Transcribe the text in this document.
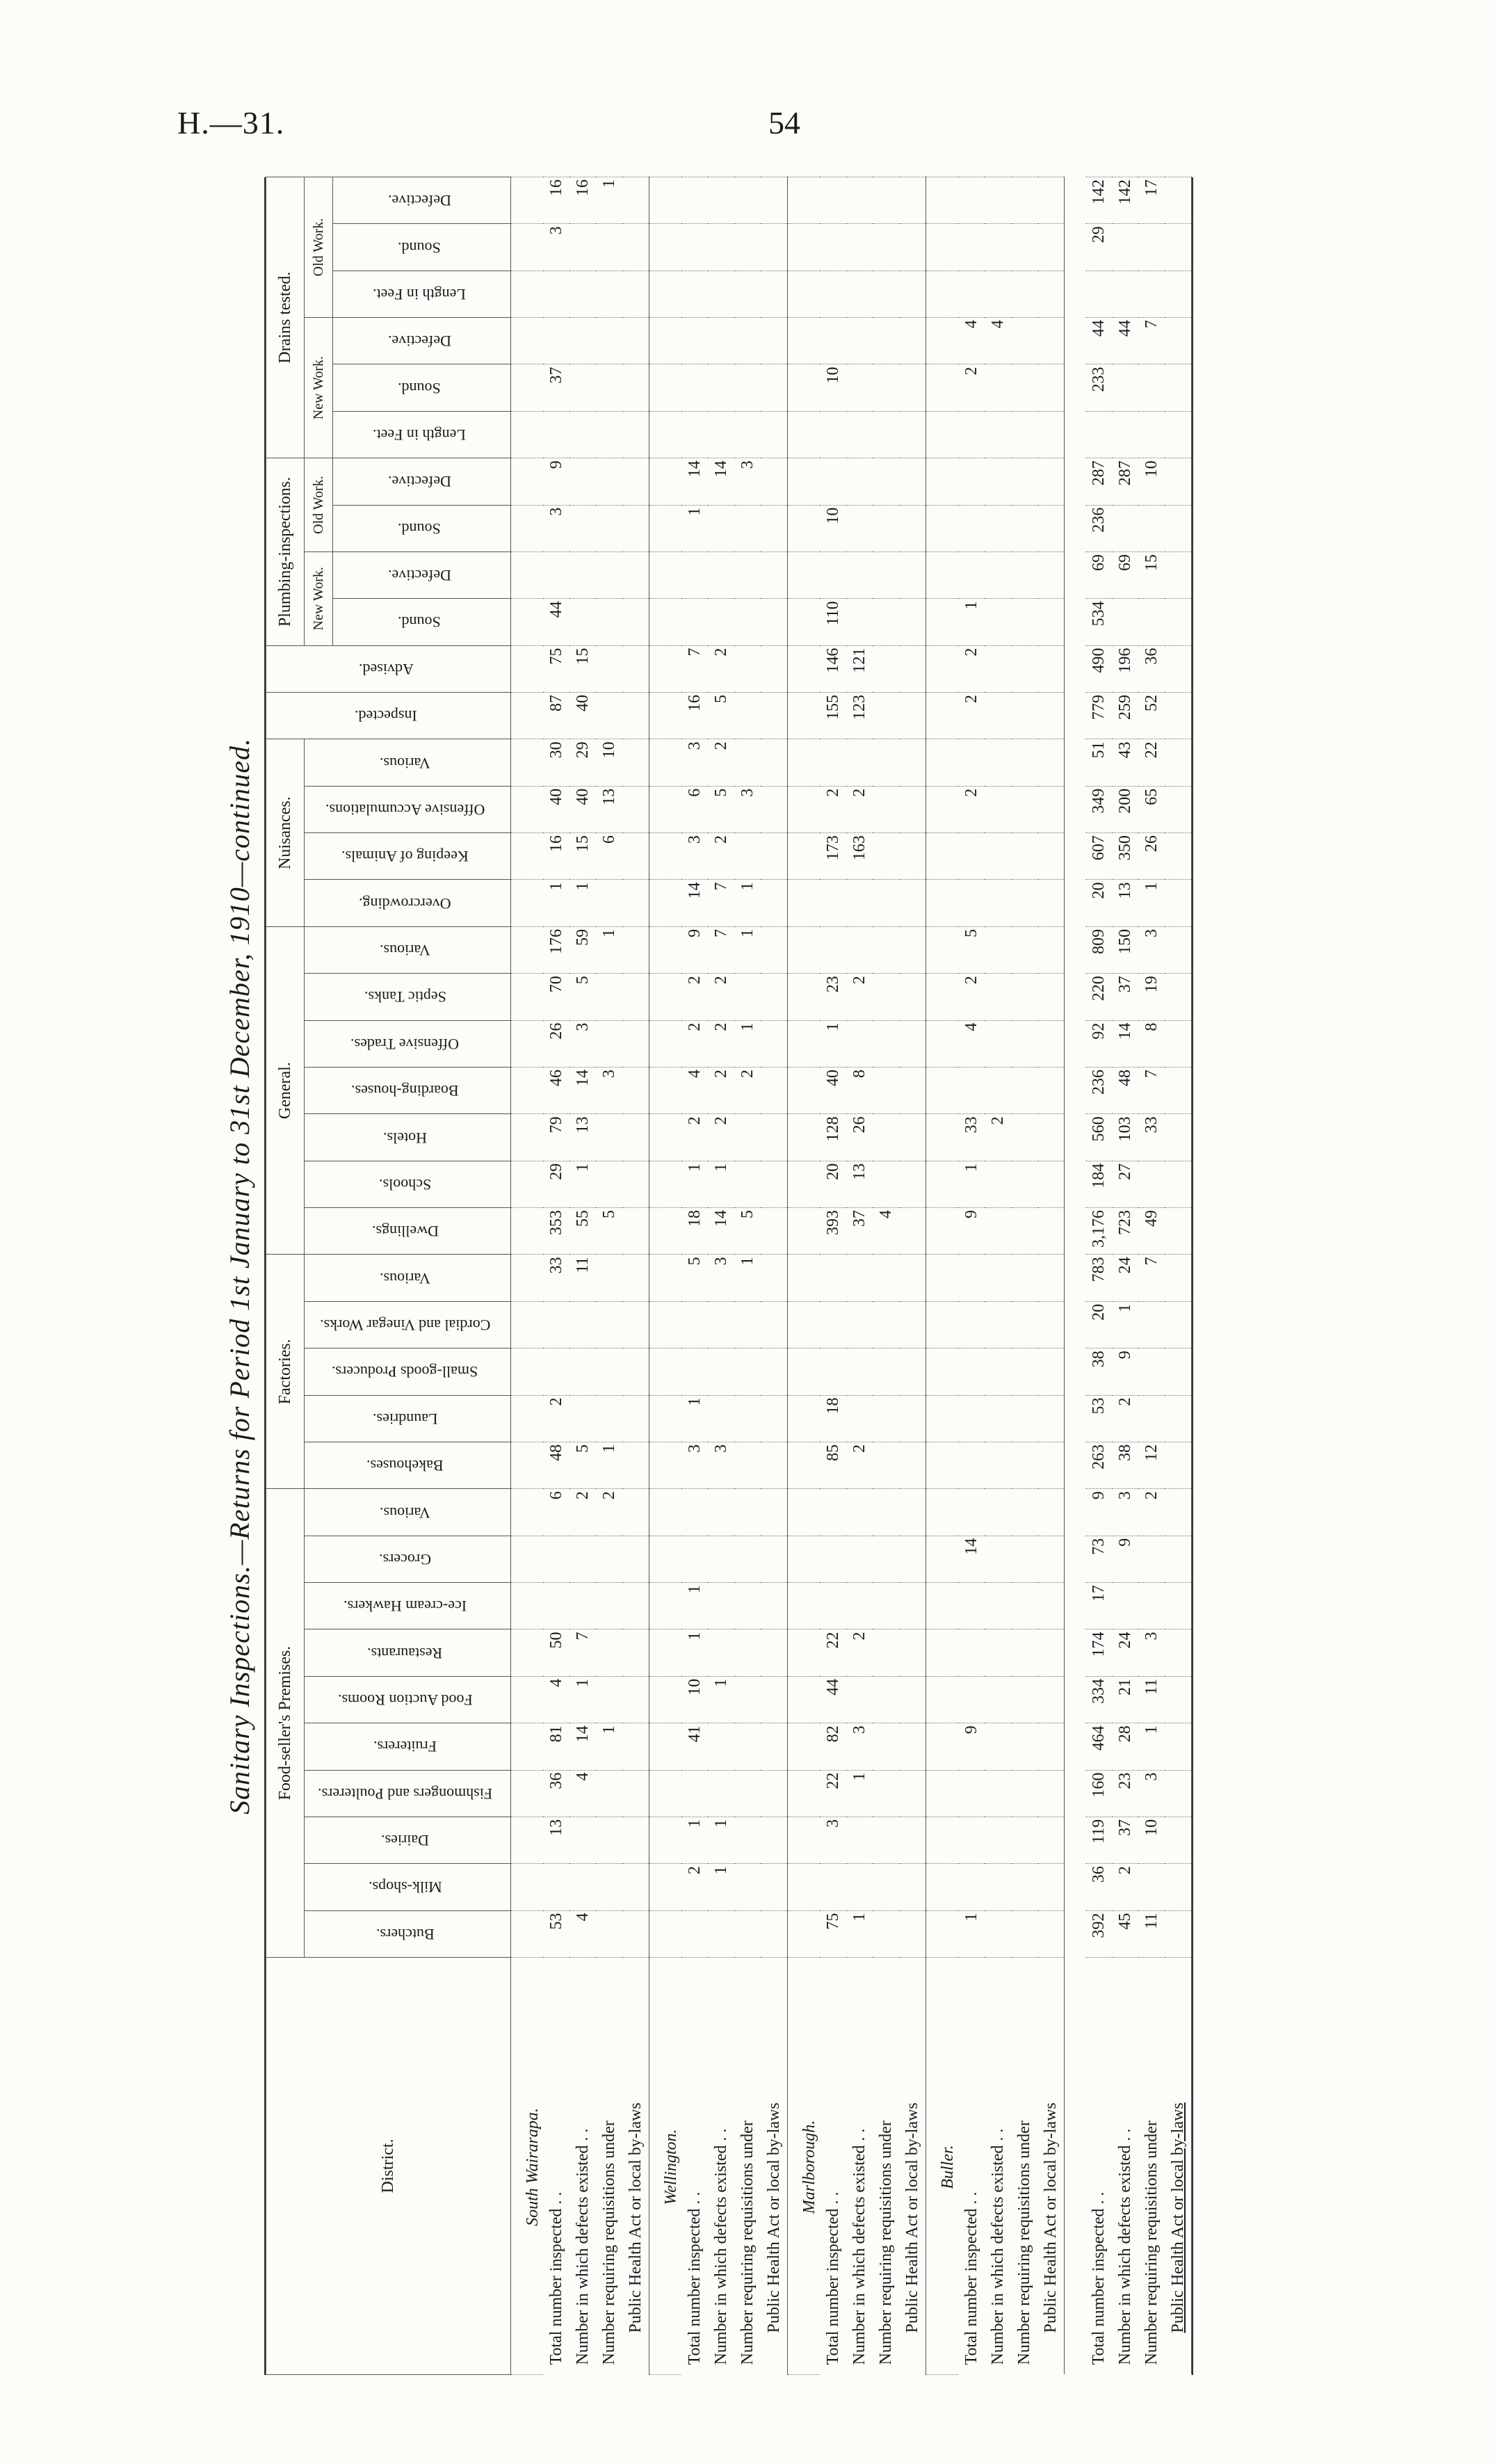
H.—31.	54
Sanitary Inspections.—Returns for Period 1st January to 31st December, 1910—continued.
District.	Food-seller's Premises.										Factories.					General.							Nuisances.				Inspected.	Advised.	Plumbing-inspections.				Drains tested.					
	Butchers.	Milk-shops.	Dairies.	Fishmongers and Poulterers.	Fruiterers.	Food Auction Rooms.	Restaurants.	Ice-cream Hawkers.	Grocers.	Various.	Bakehouses.	Laundries.	Small-goods Producers.	Cordial and Vinegar Works.	Various.	Dwellings.	Schools.	Hotels.	Boarding-houses.	Offensive Trades.	Septic Tanks.	Various.	Overcrowding.	Keeping of Animals.	Offensive Accumulations.	Various.			New Work.		Old Work.		New Work.			Old Work.		
																													Sound.	Defective.	Sound.	Defective.	Length in Feet.	Sound.	Defective.	Length in Feet.	Sound.	Defective.
South Wairarapa.																																						
Total number inspected . .	53		13	36	81	4	50			6	48	2			33	353	29	79	46	26	70	176	1	16	40	30	87	75	44		3	9		37			3	16
Number in which defects existed . .	4			4	14	1	7			2	5				11	55	1	13	14	3	5	59	1	15	40	29	40	15										16
Number requiring requisitions under					1					2	1					5			3			1		6	13	10												1
Public Health Act or local by-laws																																						
Wellington.																																						
Total number inspected . .		2	1		41	10	1	1			3	1			5	18	1	2	4	2	2	9	14	3	6	3	16	7			1	14						
Number in which defects existed . .		1	1			1					3				3	14	1	2	2	2	2	7	7	2	5	2	5	2				14						
Number requiring requisitions under															1	5			2	1		1	1		3							3						
Public Health Act or local by-laws																																						
Marlborough.																																						
Total number inspected . .	75		3	22	82	44	22				85	18				393	20	128	40	1	23			173	2		155	146	110		10			10				
Number in which defects existed . .	1			1	3		2				2					37	13	26	8		2			163	2		123	121										
Number requiring requisitions under																4																						
Public Health Act or local by-laws																																						
Buller.																																						
Total number inspected . .	1				9				14							9	1	33		4	2	5			2		2	2	1					2	4			
Number in which defects existed . .																		2																	4			
Number requiring requisitions under																																						
Public Health Act or local by-laws																																						

Total number inspected . .	392	36	119	160	464	334	174	17	73	9	263	53	38	20	783	3,176	184	560	236	92	220	809	20	607	349	51	779	490	534	69	236	287		233	44		29	142
Number in which defects existed . .	45	2	37	23	28	21	24		9	3	38	2	9	1	24	723	27	103	48	14	37	150	13	350	200	43	259	196		69		287			44			142
Number requiring requisitions under	11		10	3	1	11	3			2	12				7	49		33	7	8	19	3	1	26	65	22	52	36		15		10			7			17
Public Health Act or local by-laws																																						
